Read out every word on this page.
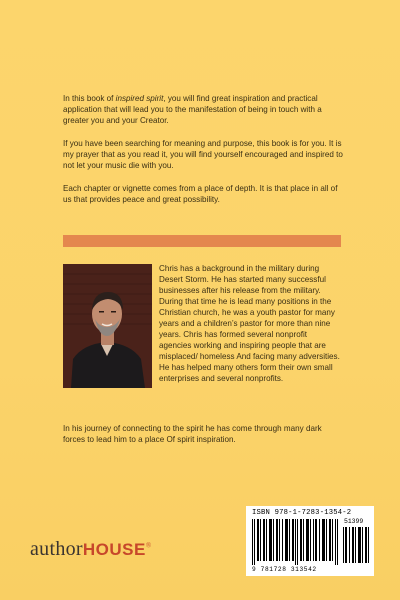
In this book of inspired spirit, you will find great inspiration and practical application that will lead you to the manifestation of being in touch with a greater you and your Creator.

If you have been searching for meaning and purpose, this book is for you. It is my prayer that as you read it, you will find yourself encouraged and inspired to not let your music die with you.

Each chapter or vignette comes from a place of depth. It is that place in all of us that provides peace and great possibility.

Chris has a background in the military during Desert Storm. He has started many successful businesses after his release from the military. During that time he is lead many positions in the Christian church, he was a youth pastor for many years and a children’s pastor for more than nine years. Chris has formed several nonprofit agencies working and inspiring people that are misplaced/ homeless And facing many adversities. He has helped many others form their own small enterprises and several nonprofits.
In his journey of connecting to the spirit he has come through many dark forces to lead him to a place Of spirit inspiration.
ISBN 978-1-7283-1354-2
9 781728 313542
51399
authorHOUSE®
